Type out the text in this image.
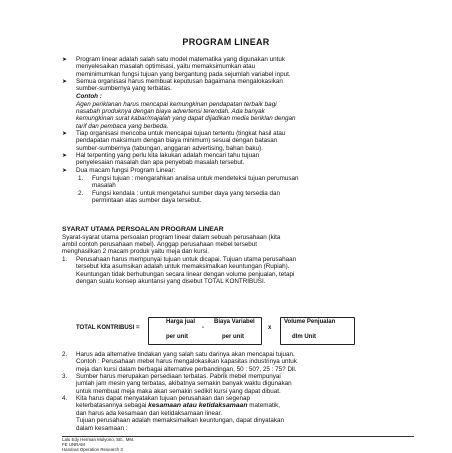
PROGRAM LINEAR
➤ Program linear adalah salah satu model matematika yang digunakan untuk
menyelesaikan masalah optimisasi, yaitu memaksimumkan atau
meminimumkan fungsi tujuan yang bergantung pada sejumlah variabel input.
➤ Semua organisasi harus membuat keputusan bagaimana mengalokasikan
sumber-sumbernya yang terbatas.
Contoh :
Agen periklanan harus mencapai kemungkinan pendapatan terbaik bagi
nasabah produknya dengan biaya advertensi terendah. Ada banyak
kemungkinan surat kabar/majalah yang dapat dijadikan media beriklan dengan
tarif dan pembaca yang berbeda.
➤ Tiap organisasi mencoba untuk mencapai tujuan tertentu (tingkat hasil atau
pendapatan maksimum dengan biaya minimum) sesuai dengan batasan
sumber-sumbernya (tabungan, anggaran advertising, bahan baku).
➤ Hal terpenting yang perlu kita lakukan adalah mencari tahu tujuan
penyelesaian masalah dan apa penyebab masalah tersebut.
➤ Dua macam fungsi Program Linear:
1. Fungsi tujuan : mengarahkan analisa untuk mendeteksi tujuan perumusan
masalah
2. Fungsi kendala : untuk mengetahui sumber daya yang tersedia dan
permintaan atas sumber daya tersebut.
SYARAT UTAMA PERSOALAN PROGRAM LINEAR
Syarat-syarat utama persoalan program linear dalam sebuah perusahaan (kita
ambil contoh perusahaan mebel). Anggap perusahaan mebel tersebut
menghasilkan 2 macam produk yaitu meja dan kursi.
1. Perusahaan harus mempunyai tujuan untuk dicapai. Tujuan utama perusahaan
tersebut kita asumsikan adalah untuk memaksimalkan keuntungan (Rupiah).
Keuntungan tidak berhubungan secara linear dengan volume penjualan, tetapi
dengan suatu konsep akuntansi yang disebut TOTAL KONTRIBUSI.
TOTAL KONTRIBUSI =
Harga jual
per unit
-
Biaya Variabel
per unit
x
Volume Penjualan
dlm Unit
2. Harus ada alternative tindakan yang salah satu darinya akan mencapai tujuan.
Contoh : Perusahaan mebel harus mengalokasikan kapasitas industrinya untuk
meja dan kursi dalam berbagai alternative perbandingan, 50 : 50?, 25 : 75? Dll.
3. Sumber harus merupakan persediaan terbatas. Pabrik mebel mempunyai
jumlah jam mesin yang terbatas, akibatnya semakin banyak waktu digunakan
untuk membuat meja maka akan semakin sedikit kursi yang dapat dibuat.
4. Kita harus dapat menyatakan tujuan perusahaan dan segenap
keterbatasannya sebagai kesamaan atau ketidaksamaan matematik,
dan harus ada kesamaan dan ketidaksamaan linear.
Tujuan perusahaan adalah memaksimalkan keuntungan, dapat dinyatakan
dalam kesamaan :
Lalu Edy Herman Mulyono, SE., MM.
FE UNRAM
Handout Operation Research 3
